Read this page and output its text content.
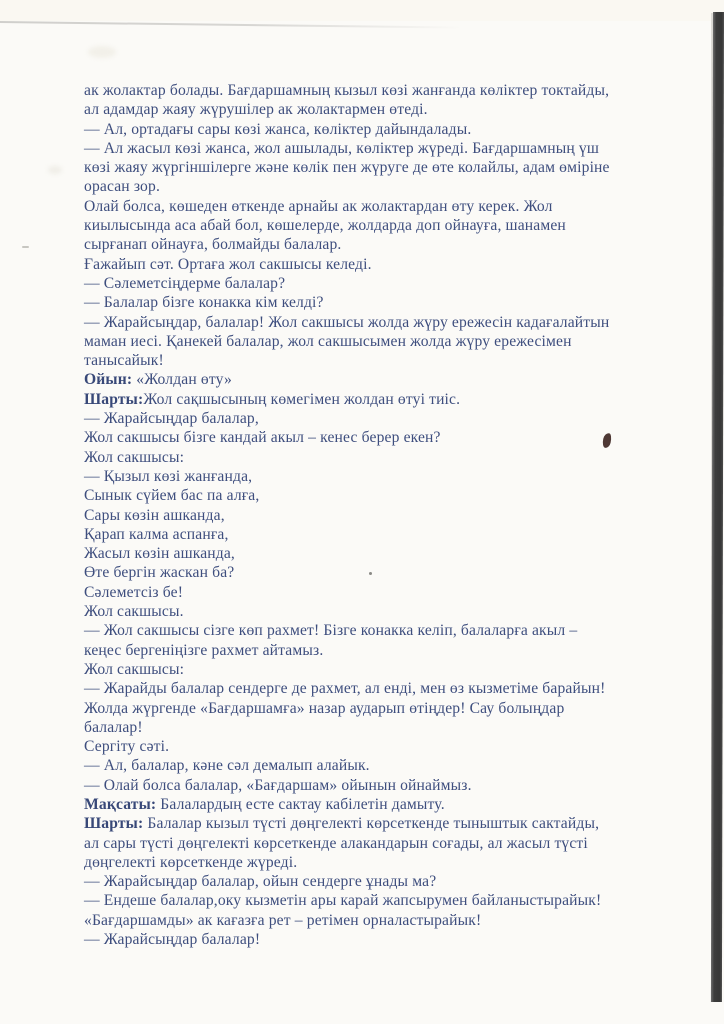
ак жолактар болады. Бағдаршамның кызыл көзі жанғанда көліктер токтайды,
ал адамдар жаяу жүрушілер ак жолактармен өтеді.
— Ал, ортадағы сары көзі жанса, көліктер дайындалады.
— Ал жасыл көзі жанса, жол ашылады, көліктер жүреді. Бағдаршамның үш
көзі жаяу жүргіншілерге және көлік пен жүруге де өте колайлы, адам өміріне
орасан зор.
Олай болса, көшеден өткенде арнайы ак жолактардан өту керек. Жол
киылысында аса абай бол, көшелерде, жолдарда доп ойнауға, шанамен
сырғанап ойнауға, болмайды балалар.
Ғажайып сәт. Ортаға жол сакшысы келеді.
— Сәлеметсіңдерме балалар?
— Балалар бізге конакка кім келді?
— Жарайсыңдар, балалар! Жол сакшысы жолда жүру ережесін кадағалайтын
маман иесі. Қанекей балалар, жол сакшысымен жолда жүру ережесімен
танысайык!
Ойын: «Жолдан өту»
Шарты:Жол сақшысының көмегімен жолдан өтуі тиіс.
— Жарайсыңдар балалар,
Жол сакшысы бізге кандай акыл – кенес берер екен?
Жол сакшысы:
— Қызыл көзі жанғанда,
Сынык сүйем бас па алға,
Сары көзін ашканда,
Қарап калма аспанға,
Жасыл көзін ашканда,
Өте бергін жаскан ба?
Сәлеметсіз бе!
Жол сакшысы.
— Жол сакшысы сізге көп рахмет! Бізге конакка келіп, балаларға акыл –
кеңес бергеніңізге рахмет айтамыз.
Жол сакшысы:
— Жарайды балалар сендерге де рахмет, ал енді, мен өз кызметіме барайын!
Жолда жүргенде «Бағдаршамға» назар аударып өтіңдер! Сау болыңдар
балалар!
Сергіту сәті.
— Ал, балалар, кәне сәл демалып алайык.
— Олай болса балалар, «Бағдаршам» ойынын ойнаймыз.
Мақсаты: Балалардың есте сактау кабілетін дамыту.
Шарты: Балалар кызыл түсті дөңгелекті көрсеткенде тыныштык сактайды,
ал сары түсті дөңгелекті көрсеткенде алакандарын соғады, ал жасыл түсті
дөңгелекті көрсеткенде жүреді.
— Жарайсыңдар балалар, ойын сендерге ұнады ма?
— Ендеше балалар,оку кызметін ары карай жапсырумен байланыстырайык!
«Бағдаршамды» ак кағазға рет – ретімен орналастырайык!
— Жарайсыңдар балалар!
